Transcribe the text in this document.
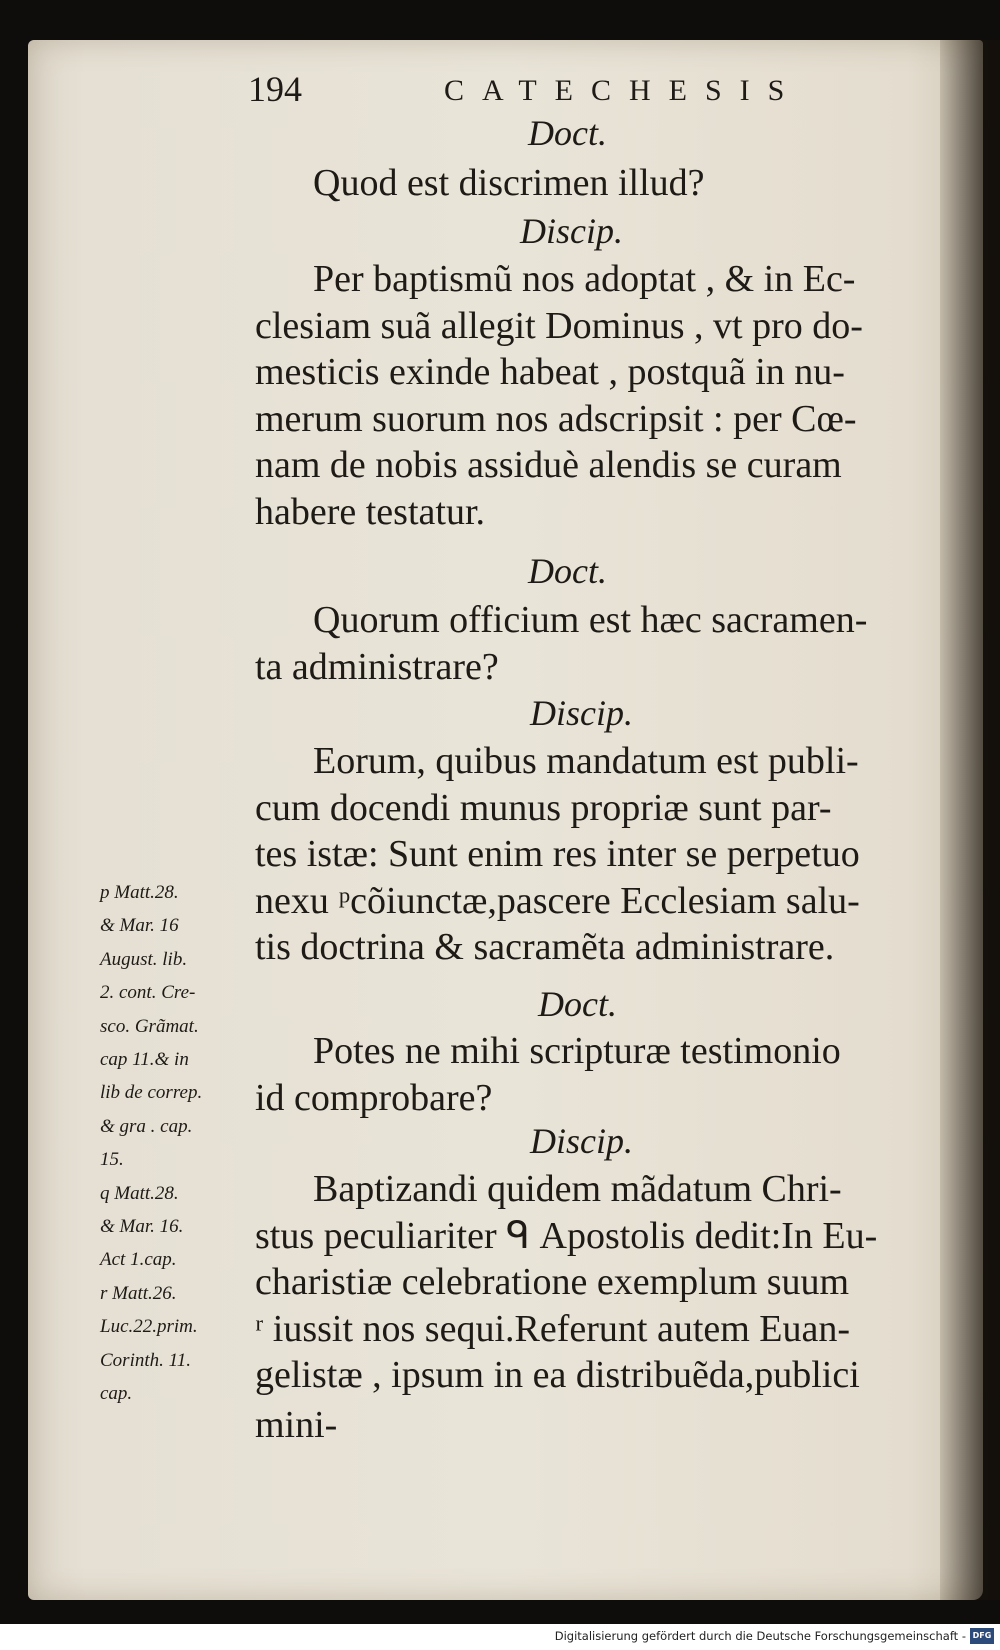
194	CATECHESIS
Doct.
Discip.
Doct.
Discip.
Doct.
Discip.
Quod est discrimen illud?
Per baptismũ nos adoptat , & in Ec-
clesiam suã allegit Dominus , vt pro do-
mesticis exinde habeat , postquã in nu-
merum suorum nos adscripsit : per Cœ-
nam de nobis assiduè alendis se curam
habere testatur.
Quorum officium est hæc sacramen-
ta administrare?
Eorum, quibus mandatum est publi-
cum docendi munus propriæ sunt par-
tes istæ: Sunt enim res inter se perpetuo
nexu ᵖcõiunctæ,pascere Ecclesiam salu-
tis doctrina & sacramẽta administrare.
Potes ne mihi scripturæ testimonio
id comprobare?
Baptizandi quidem mãdatum Chri-
stus peculiariter ᑫ Apostolis dedit:In Eu-
charistiæ celebratione exemplum suum
ʳ iussit nos sequi.Referunt autem Euan-
gelistæ , ipsum in ea distribuẽda,publici
mini-
p Matt.28.
& Mar. 16
August. lib.
2. cont. Cre-
sco. Grãmat.
cap 11.& in
lib de correp.
& gra . cap.
15.
q Matt.28.
& Mar. 16.
Act 1.cap.
r Matt.26.
Luc.22.prim.
Corinth. 11.
cap.
Digitalisierung gefördert durch die Deutsche Forschungsgemeinschaft - DFG
